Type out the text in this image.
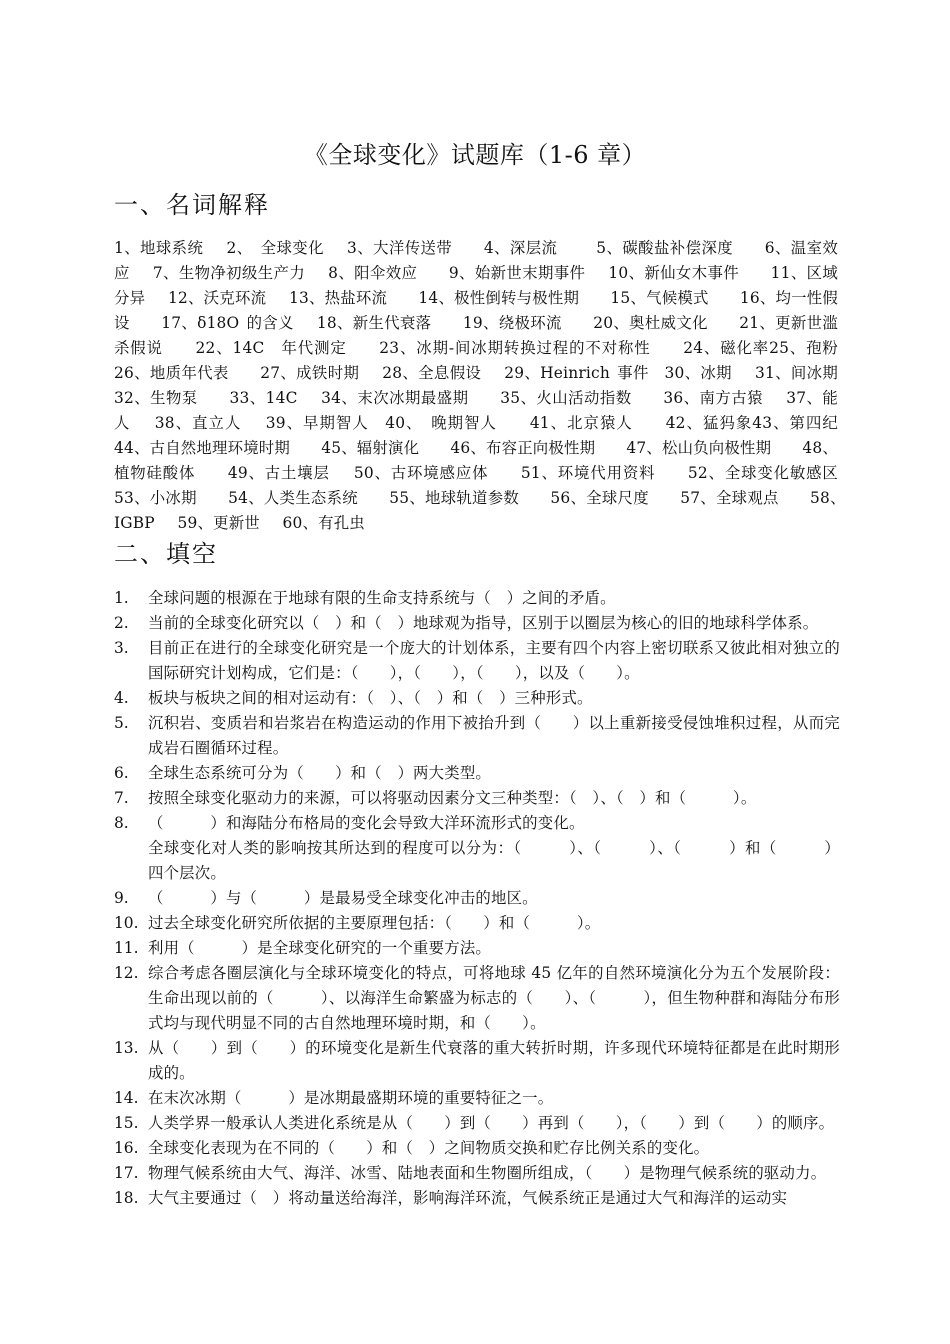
《全球变化》试题库（1-6 章）
一、名词解释
1、地球系统　 2、　全球变化　 3、大洋传送带　　4、深层流　　 5、碳酸盐补偿深度　　6、温室效应　 7、生物净初级生产力　 8、阳伞效应　　9、始新世末期事件　 10、新仙女木事件　　11、区域分异　 12、沃克环流　 13、热盐环流　　14、极性倒转与极性期　　15、气候模式　　16、均一性假设　　17、δ18O 的含义　 18、新生代衰落　　19、绕极环流　　20、奥杜威文化　　21、更新世滥杀假说　　22、14C　年代测定　　23、冰期-间冰期转换过程的不对称性　　24、磁化率25、孢粉　 26、地质年代表　　27、成铁时期　 28、全息假设　 29、Heinrich 事件　30、冰期　 31、间冰期　　32、生物泵　　33、14C　 34、末次冰期最盛期　　35、火山活动指数　　36、南方古猿　 37、能人　 38、直立人　 39、早期智人　40、　晚期智人　　41、北京猿人　　42、猛犸象43、第四纪　　44、古自然地理环境时期　　45、辐射演化　　46、布容正向极性期　　47、松山负向极性期　　48、植物硅酸体　　49、古土壤层　 50、古环境感应体　　51、环境代用资料　　52、全球变化敏感区　　53、小冰期　　54、人类生态系统　　55、地球轨道参数　　56、全球尺度　　57、全球观点　　58、　IGBP　 59、更新世　 60、有孔虫
二、填空
1.	全球问题的根源在于地球有限的生命支持系统与（　）之间的矛盾。
2.	当前的全球变化研究以（　）和（　）地球观为指导，区别于以圈层为核心的旧的地球科学体系。
3.	目前正在进行的全球变化研究是一个庞大的计划体系，主要有四个内容上密切联系又彼此相对独立的国际研究计划构成，它们是：（　　），（　　），（　　），以及（　　）。
4.	板块与板块之间的相对运动有：（　）、（　）和（　）三种形式。
5.	沉积岩、变质岩和岩浆岩在构造运动的作用下被抬升到（　　）以上重新接受侵蚀堆积过程，从而完成岩石圈循环过程。
6.	全球生态系统可分为（　　）和（　）两大类型。
7.	按照全球变化驱动力的来源，可以将驱动因素分文三种类型：（　）、（　）和（　　　）。
8.	（　　　）和海陆分布格局的变化会导致大洋环流形式的变化。
全球变化对人类的影响按其所达到的程度可以分为：（　　　）、（　　　）、（　　　）和（　　　）四个层次。
9.	（　　　）与（　　　）是最易受全球变化冲击的地区。
10. 过去全球变化研究所依据的主要原理包括：（　　）和（　　　）。
11. 利用（　　　）是全球变化研究的一个重要方法。
12. 综合考虑各圈层演化与全球环境变化的特点，可将地球 45 亿年的自然环境演化分为五个发展阶段：生命出现以前的（　　　）、以海洋生命繁盛为标志的（　　）、（　　　），但生物种群和海陆分布形式均与现代明显不同的古自然地理环境时期，和（　　）。
13. 从（　　）到（　　）的环境变化是新生代衰落的重大转折时期，许多现代环境特征都是在此时期形成的。
14. 在末次冰期（　　　）是冰期最盛期环境的重要特征之一。
15. 人类学界一般承认人类进化系统是从（　　）到（　　）再到（　　），（　　）到（　　）的顺序。
16. 全球变化表现为在不同的（　　）和（　）之间物质交换和贮存比例关系的变化。
17. 物理气候系统由大气、海洋、冰雪、陆地表面和生物圈所组成，（　　）是物理气候系统的驱动力。
18. 大气主要通过（　）将动量送给海洋，影响海洋环流，气候系统正是通过大气和海洋的运动实
